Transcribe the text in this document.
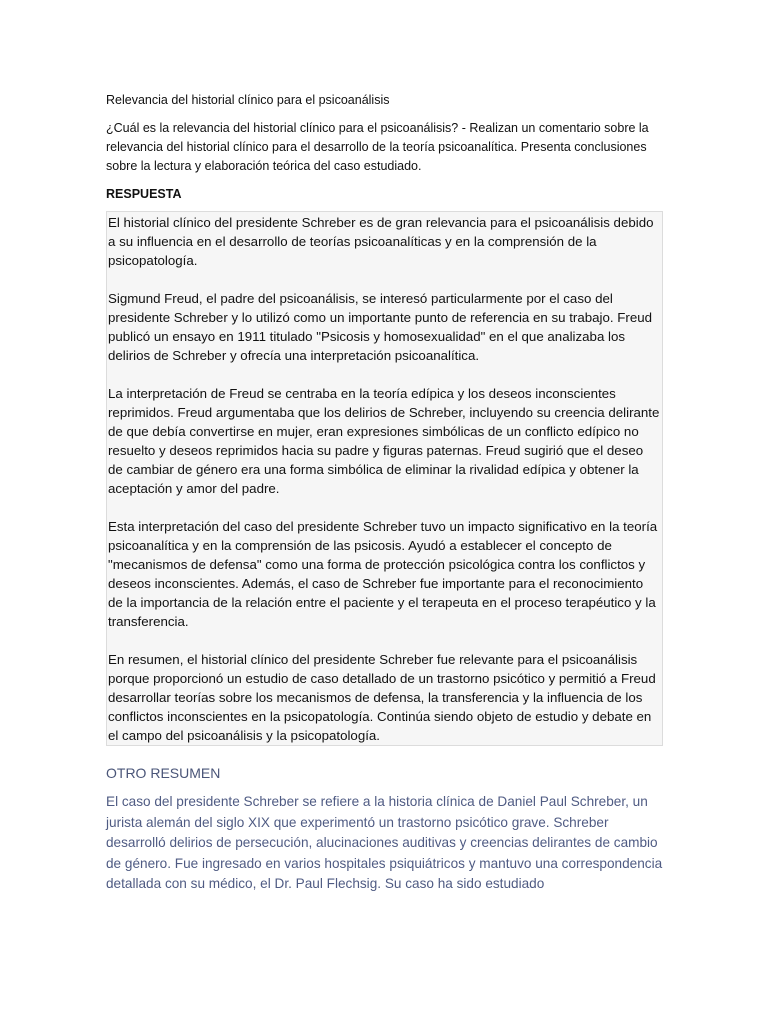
Relevancia del historial clínico para el psicoanálisis
¿Cuál es la relevancia del historial clínico para el psicoanálisis? - Realizan un comentario sobre la relevancia del historial clínico para el desarrollo de la teoría psicoanalítica. Presenta conclusiones sobre la lectura y elaboración teórica del caso estudiado.
RESPUESTA

El historial clínico del presidente Schreber es de gran relevancia para el psicoanálisis debido a su influencia en el desarrollo de teorías psicoanalíticas y en la comprensión de la psicopatología.

Sigmund Freud, el padre del psicoanálisis, se interesó particularmente por el caso del presidente Schreber y lo utilizó como un importante punto de referencia en su trabajo. Freud publicó un ensayo en 1911 titulado "Psicosis y homosexualidad" en el que analizaba los delirios de Schreber y ofrecía una interpretación psicoanalítica.

La interpretación de Freud se centraba en la teoría edípica y los deseos inconscientes reprimidos. Freud argumentaba que los delirios de Schreber, incluyendo su creencia delirante de que debía convertirse en mujer, eran expresiones simbólicas de un conflicto edípico no resuelto y deseos reprimidos hacia su padre y figuras paternas. Freud sugirió que el deseo de cambiar de género era una forma simbólica de eliminar la rivalidad edípica y obtener la aceptación y amor del padre.

Esta interpretación del caso del presidente Schreber tuvo un impacto significativo en la teoría psicoanalítica y en la comprensión de las psicosis. Ayudó a establecer el concepto de "mecanismos de defensa" como una forma de protección psicológica contra los conflictos y deseos inconscientes. Además, el caso de Schreber fue importante para el reconocimiento de la importancia de la relación entre el paciente y el terapeuta en el proceso terapéutico y la transferencia.

En resumen, el historial clínico del presidente Schreber fue relevante para el psicoanálisis porque proporcionó un estudio de caso detallado de un trastorno psicótico y permitió a Freud desarrollar teorías sobre los mecanismos de defensa, la transferencia y la influencia de los conflictos inconscientes en la psicopatología. Continúa siendo objeto de estudio y debate en el campo del psicoanálisis y la psicopatología.

OTRO RESUMEN

El caso del presidente Schreber se refiere a la historia clínica de Daniel Paul Schreber, un jurista alemán del siglo XIX que experimentó un trastorno psicótico grave. Schreber desarrolló delirios de persecución, alucinaciones auditivas y creencias delirantes de cambio de género. Fue ingresado en varios hospitales psiquiátricos y mantuvo una correspondencia detallada con su médico, el Dr. Paul Flechsig. Su caso ha sido estudiado
